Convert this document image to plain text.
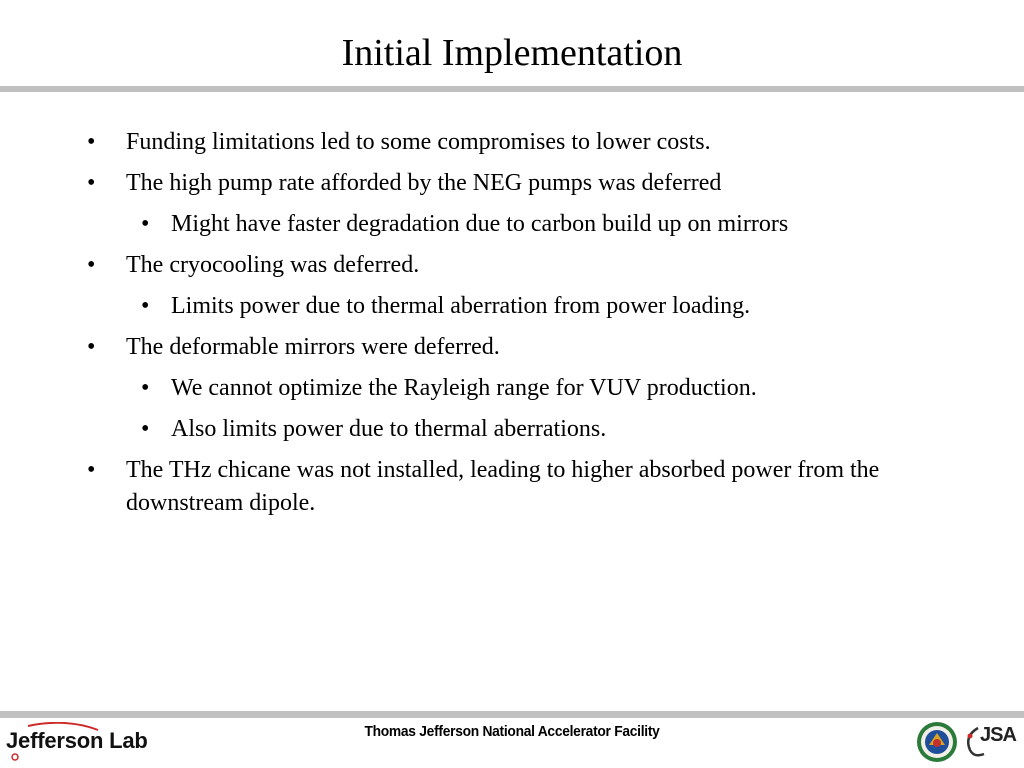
Initial Implementation
• Funding limitations led to some compromises to lower costs.
• The high pump rate afforded by the NEG pumps was deferred
• Might have faster degradation due to carbon build up on mirrors
• The cryocooling was deferred.
• Limits power due to thermal aberration from power loading.
• The deformable mirrors were deferred.
• We cannot optimize the Rayleigh range for VUV production.
• Also limits power due to thermal aberrations.
• The THz chicane was not installed, leading to higher absorbed power from the downstream dipole.
Thomas Jefferson National Accelerator Facility
Jefferson Lab	JSA
